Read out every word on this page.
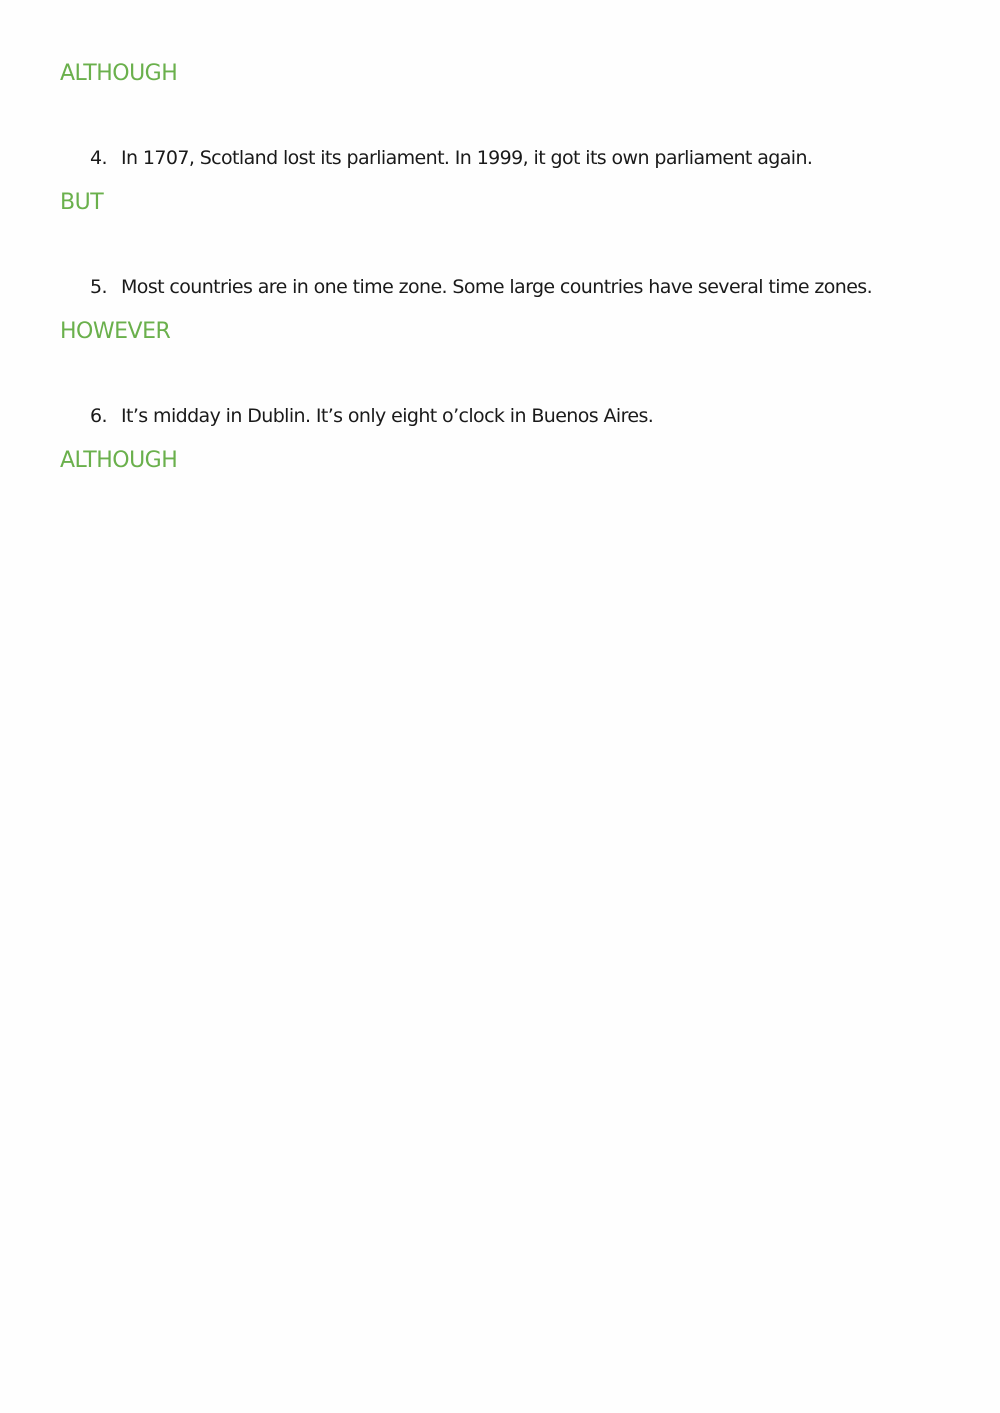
ALTHOUGH
4. In 1707, Scotland lost its parliament. In 1999, it got its own parliament again.
BUT
5. Most countries are in one time zone. Some large countries have several time zones.
HOWEVER
6. It’s midday in Dublin. It’s only eight o’clock in Buenos Aires.
ALTHOUGH
